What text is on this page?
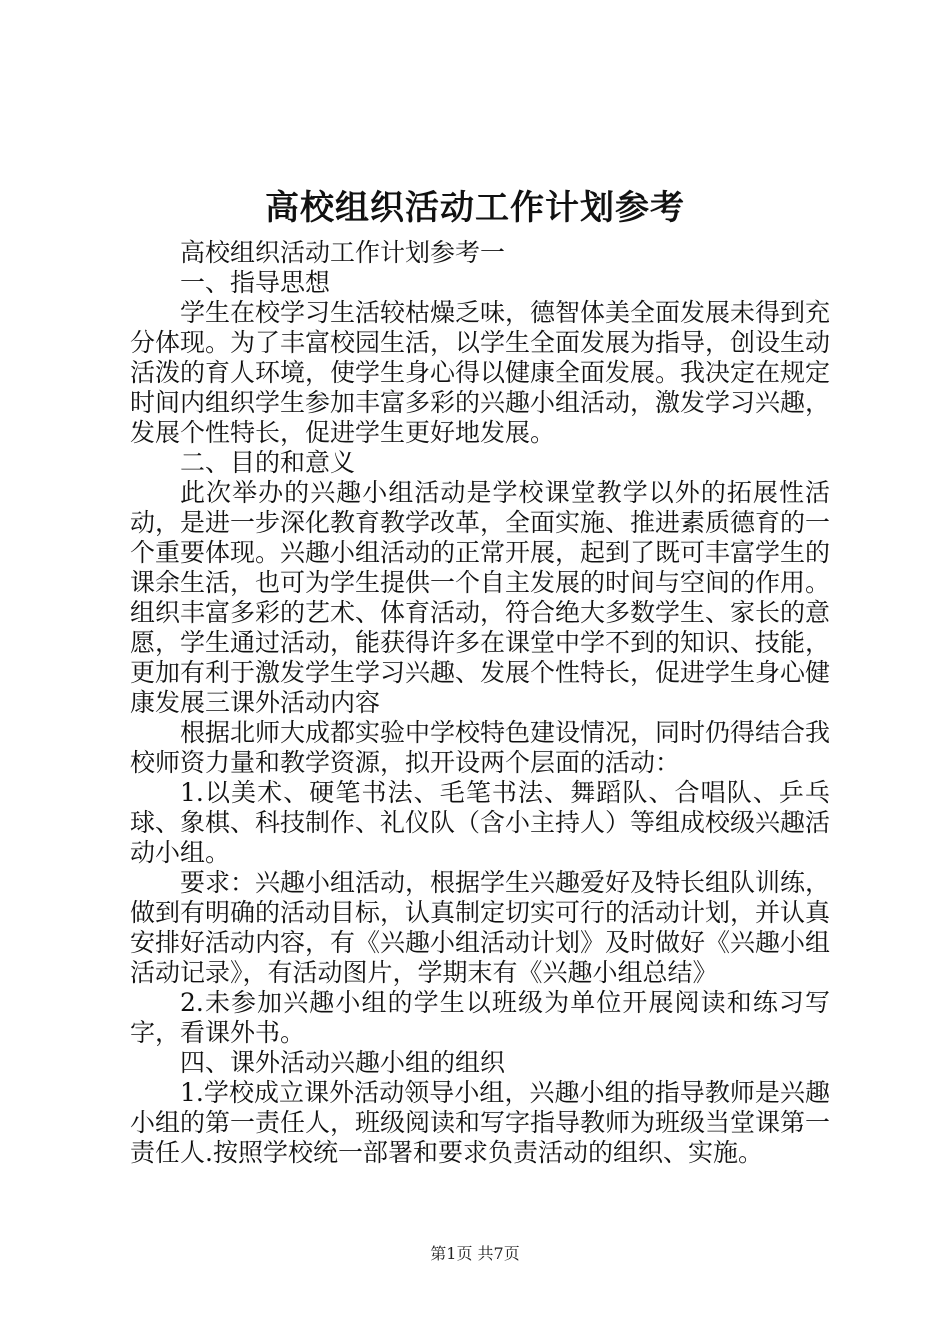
高校组织活动工作计划参考

高校组织活动工作计划参考一

一、指导思想

学生在校学习生活较枯燥乏味，德智体美全面发展未得到充分体现。为了丰富校园生活，以学生全面发展为指导，创设生动活泼的育人环境，使学生身心得以健康全面发展。我决定在规定时间内组织学生参加丰富多彩的兴趣小组活动，激发学习兴趣，发展个性特长，促进学生更好地发展。

二、目的和意义

此次举办的兴趣小组活动是学校课堂教学以外的拓展性活动，是进一步深化教育教学改革，全面实施、推进素质德育的一个重要体现。兴趣小组活动的正常开展，起到了既可丰富学生的课余生活，也可为学生提供一个自主发展的时间与空间的作用。组织丰富多彩的艺术、体育活动，符合绝大多数学生、家长的意愿，学生通过活动，能获得许多在课堂中学不到的知识、技能，更加有利于激发学生学习兴趣、发展个性特长，促进学生身心健康发展三课外活动内容

根据北师大成都实验中学校特色建设情况，同时仍得结合我校师资力量和教学资源，拟开设两个层面的活动：

1.以美术、硬笔书法、毛笔书法、舞蹈队、合唱队、乒乓球、象棋、科技制作、礼仪队（含小主持人）等组成校级兴趣活动小组。

要求：兴趣小组活动，根据学生兴趣爱好及特长组队训练，做到有明确的活动目标，认真制定切实可行的活动计划，并认真安排好活动内容，有《兴趣小组活动计划》及时做好《兴趣小组活动记录》，有活动图片，学期末有《兴趣小组总结》

2.未参加兴趣小组的学生以班级为单位开展阅读和练习写字，看课外书。

四、课外活动兴趣小组的组织

1.学校成立课外活动领导小组，兴趣小组的指导教师是兴趣小组的第一责任人，班级阅读和写字指导教师为班级当堂课第一责任人.按照学校统一部署和要求负责活动的组织、实施。

第1页 共7页
